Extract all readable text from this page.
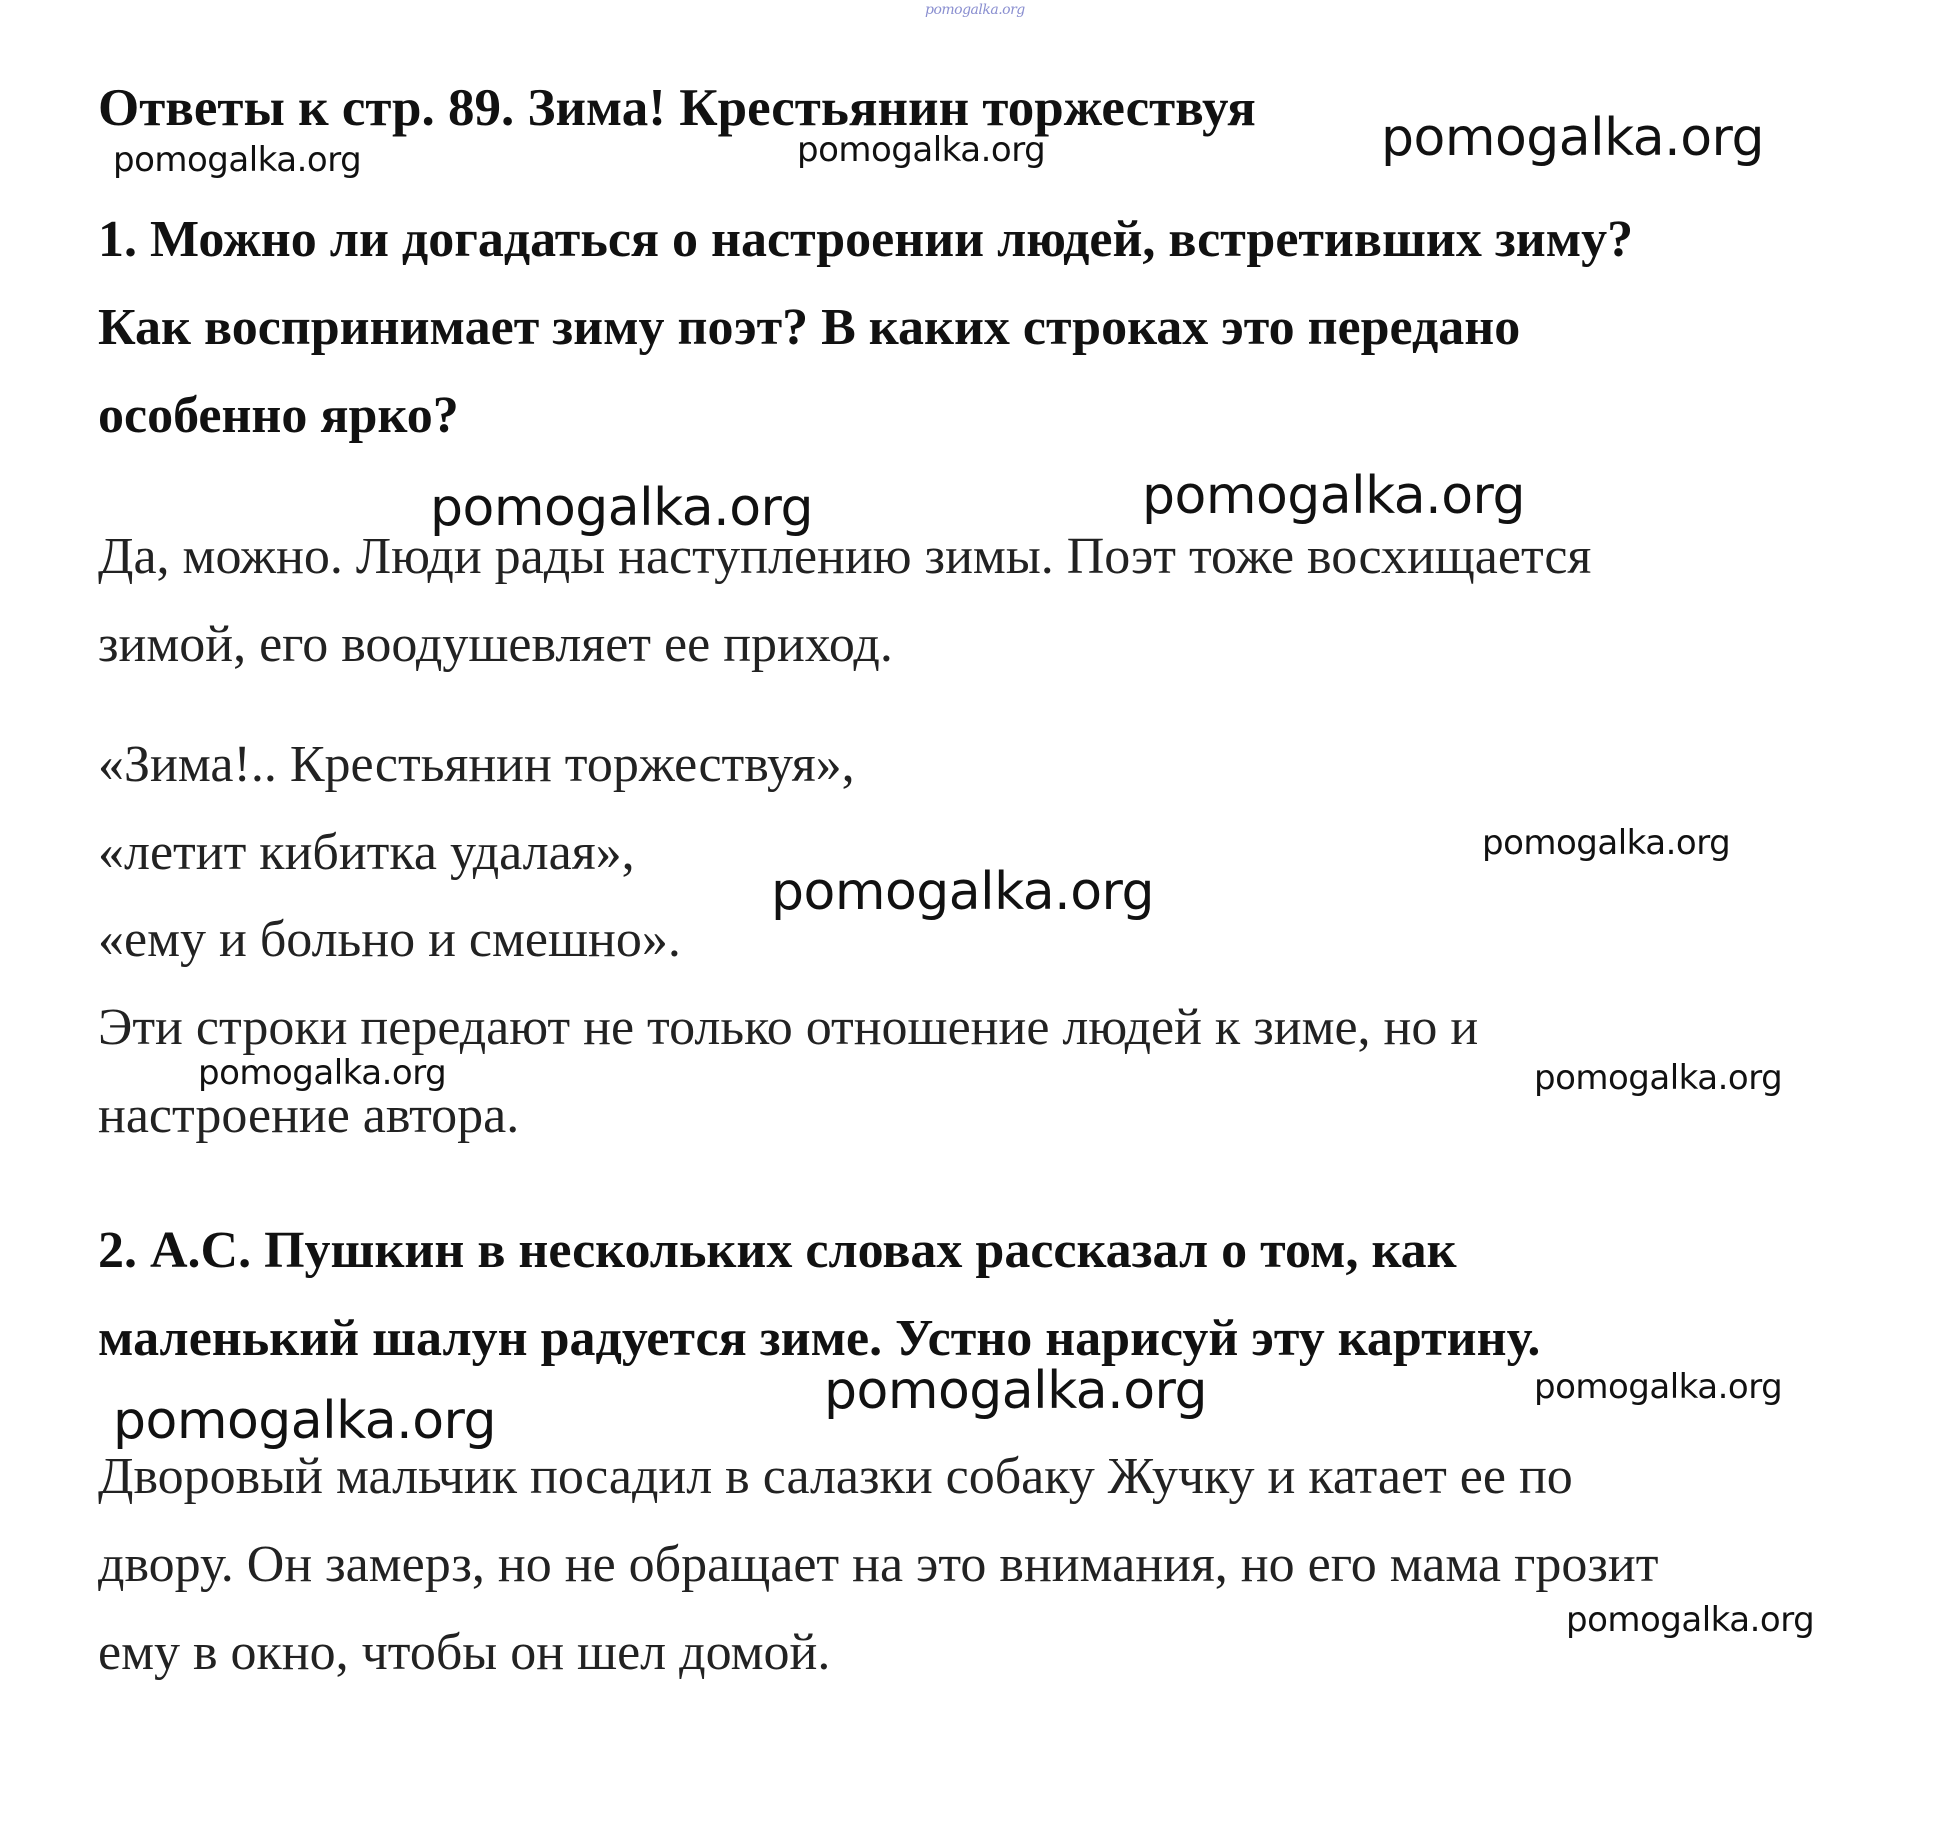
pomogalka.org
Ответы к стр. 89. Зима! Крестьянин торжествуя
1. Можно ли догадаться о настроении людей, встретивших зиму?
Как воспринимает зиму поэт? В каких строках это передано
особенно ярко?
Да, можно. Люди рады наступлению зимы. Поэт тоже восхищается
зимой, его воодушевляет ее приход.
«Зима!.. Крестьянин торжествуя»,
«летит кибитка удалая»,
«ему и больно и смешно».
Эти строки передают не только отношение людей к зиме, но и
настроение автора.
2. А.С. Пушкин в нескольких словах рассказал о том, как
маленький шалун радуется зиме. Устно нарисуй эту картину.
Дворовый мальчик посадил в салазки собаку Жучку и катает ее по
двору. Он замерз, но не обращает на это внимания, но его мама грозит
ему в окно, чтобы он шел домой.
pomogalka.org	pomogalka.org	pomogalka.org
pomogalka.org	pomogalka.org
pomogalka.org
pomogalka.org
pomogalka.org	pomogalka.org
pomogalka.org	pomogalka.org
pomogalka.org
pomogalka.org
